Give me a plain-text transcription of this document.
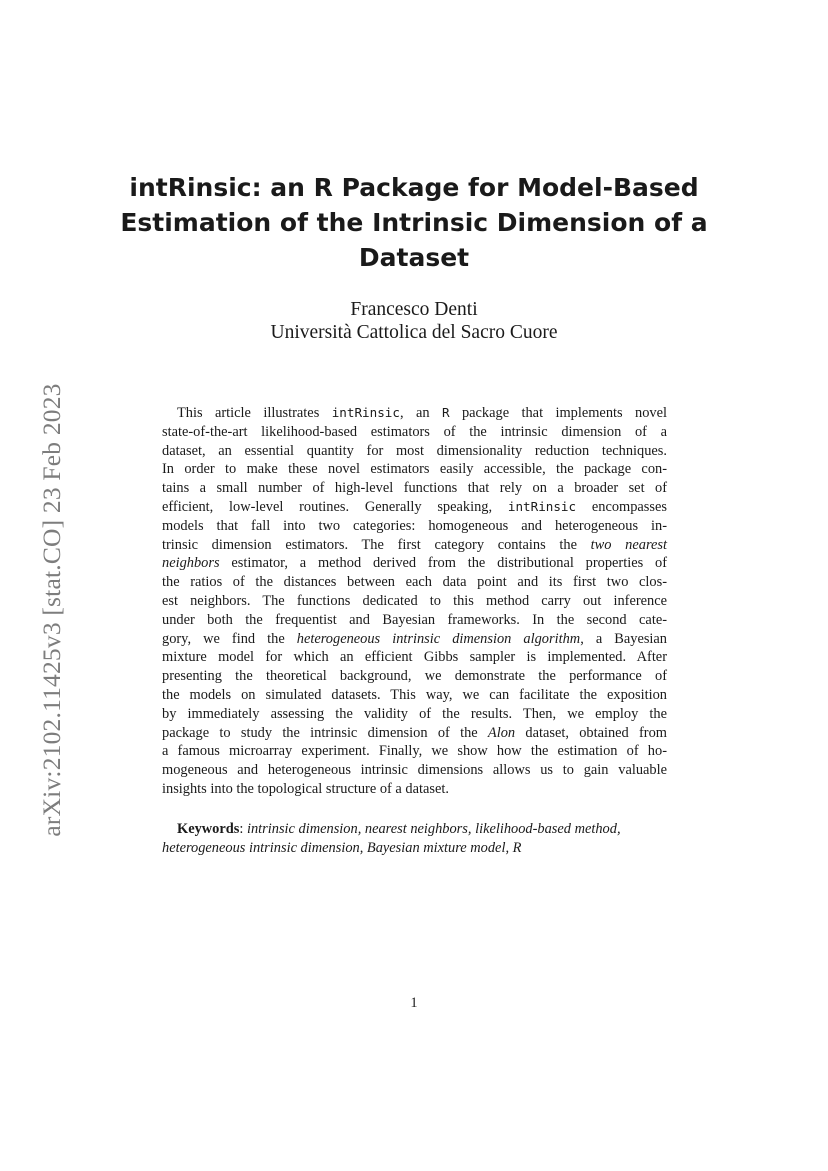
arXiv:2102.11425v3 [stat.CO] 23 Feb 2023
intRinsic: an R Package for Model-Based
Estimation of the Intrinsic Dimension of a
Dataset
Francesco Denti
Università Cattolica del Sacro Cuore
This article illustrates intRinsic, an R package that implements novel
state-of-the-art likelihood-based estimators of the intrinsic dimension of a
dataset, an essential quantity for most dimensionality reduction techniques.
In order to make these novel estimators easily accessible, the package con-
tains a small number of high-level functions that rely on a broader set of
efficient, low-level routines. Generally speaking, intRinsic encompasses
models that fall into two categories: homogeneous and heterogeneous in-
trinsic dimension estimators. The first category contains the two nearest
neighbors estimator, a method derived from the distributional properties of
the ratios of the distances between each data point and its first two clos-
est neighbors. The functions dedicated to this method carry out inference
under both the frequentist and Bayesian frameworks. In the second cate-
gory, we find the heterogeneous intrinsic dimension algorithm, a Bayesian
mixture model for which an efficient Gibbs sampler is implemented. After
presenting the theoretical background, we demonstrate the performance of
the models on simulated datasets. This way, we can facilitate the exposition
by immediately assessing the validity of the results. Then, we employ the
package to study the intrinsic dimension of the Alon dataset, obtained from
a famous microarray experiment. Finally, we show how the estimation of ho-
mogeneous and heterogeneous intrinsic dimensions allows us to gain valuable
insights into the topological structure of a dataset.
Keywords: intrinsic dimension, nearest neighbors, likelihood-based method,
heterogeneous intrinsic dimension, Bayesian mixture model, R
1
